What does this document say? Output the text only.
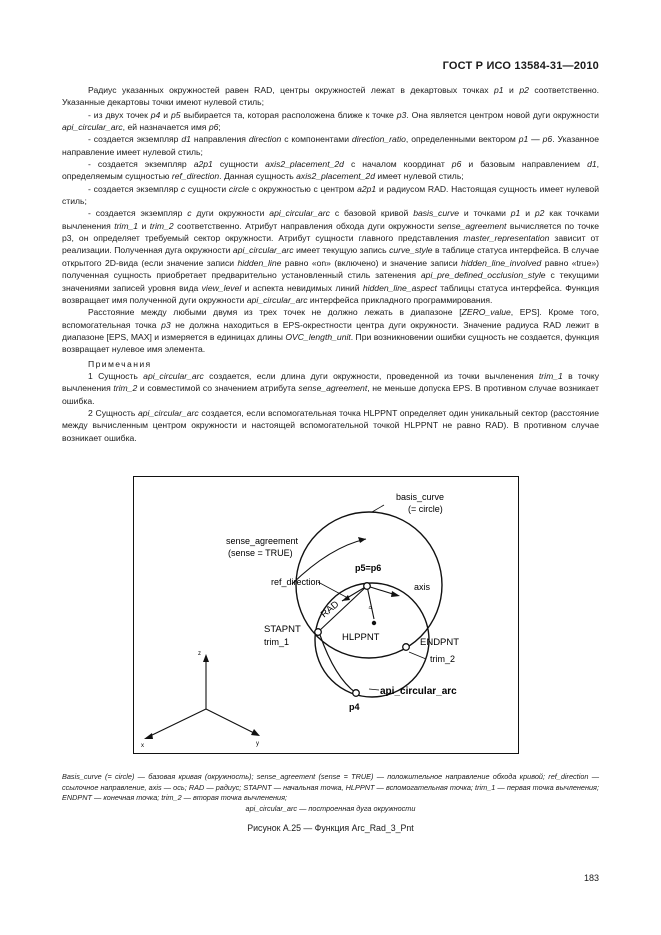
ГОСТ Р ИСО 13584-31—2010

Радиус указанных окружностей равен RAD, центры окружностей лежат в декартовых точках p1 и p2 соответственно. Указанные декартовы точки имеют нулевой стиль;

- из двух точек p4 и p5 выбирается та, которая расположена ближе к точке p3. Она является центром новой дуги окружности api_circular_arc, ей назначается имя p6;

- создается экземпляр d1 направления direction с компонентами direction_ratio, определенными вектором p1 — p6. Указанное направление имеет нулевой стиль;

- создается экземпляр a2p1 сущности axis2_placement_2d с началом координат p6 и базовым направлением d1, определяемым сущностью ref_direction. Данная сущность axis2_placement_2d имеет нулевой стиль;

- создается экземпляр c сущности circle с окружностью с центром a2p1 и радиусом RAD. Настоящая сущность имеет нулевой стиль;

- создается экземпляр c дуги окружности api_circular_arc с базовой кривой basis_curve и точками p1 и p2 как точками вычленения trim_1 и trim_2 соответственно. Атрибут направления обхода дуги окружности sense_agreement вычисляется по точке p3, он определяет требуемый сектор окружности. Атрибут сущности главного представления master_representation зависит от реализации. Полученная дуга окружности api_circular_arc имеет текущую запись curve_style в таблице статуса интерфейса. В случае открытого 2D-вида (если значение записи hidden_line равно «on» (включено) и значение записи hidden_line_involved равно «true») полученная сущность приобретает предварительно установленный стиль затенения api_pre_defined_occlusion_style с текущими значениями записей уровня вида view_level и аспекта невидимых линий hidden_line_aspect таблицы статуса интерфейса. Функция возвращает имя полученной дуги окружности api_circular_arc интерфейса прикладного программирования.

Расстояние между любыми двумя из трех точек не должно лежать в диапазоне [ZERO_value, EPS]. Кроме того, вспомогательная точка p3 не должна находиться в EPS-окрестности центра дуги окружности. Значение радиуса RAD лежит в диапазоне [EPS, MAX] и измеряется в единицах длины OVC_length_unit. При возникновении ошибки сущность не создается, функция возвращает нулевое имя элемента.

Примечания

1 Сущность api_circular_arc создается, если длина дуги окружности, проведенной из точки вычленения trim_1 в точку вычленения trim_2 и совместимой со значением атрибута sense_agreement, не меньше допуска EPS. В противном случае возникает ошибка.

2 Сущность api_circular_arc создается, если вспомогательная точка HLPPNT определяет один уникальный сектор (расстояние между вычисленным центром окружности и настоящей вспомогательной точкой HLPPNT не равно RAD). В противном случае возникает ошибка.

basis_curve
(= circle)
sense_agreement
(sense = TRUE)
ref_direction
p5=p6
axis
RAD
STAPNT
trim_1	HLPPNT	ENDPNT
trim_2
api_circular_arc
p4
p
z
x	y
Basis_curve (= circle) — базовая кривая (окружность); sense_agreement (sense = TRUE) — положительное направление обхода кривой; ref_direction — ссылочное направление, axis — ось; RAD — радиус; STAPNT — начальная точка, HLPPNT — вспомогательная точка; trim_1 — первая точка вычленения; ENDPNT — конечная точка; trim_2 — вторая точка вычленения;
api_circular_arc — построенная дуга окружности
Рисунок А.25 — Функция Arc_Rad_3_Pnt
183
